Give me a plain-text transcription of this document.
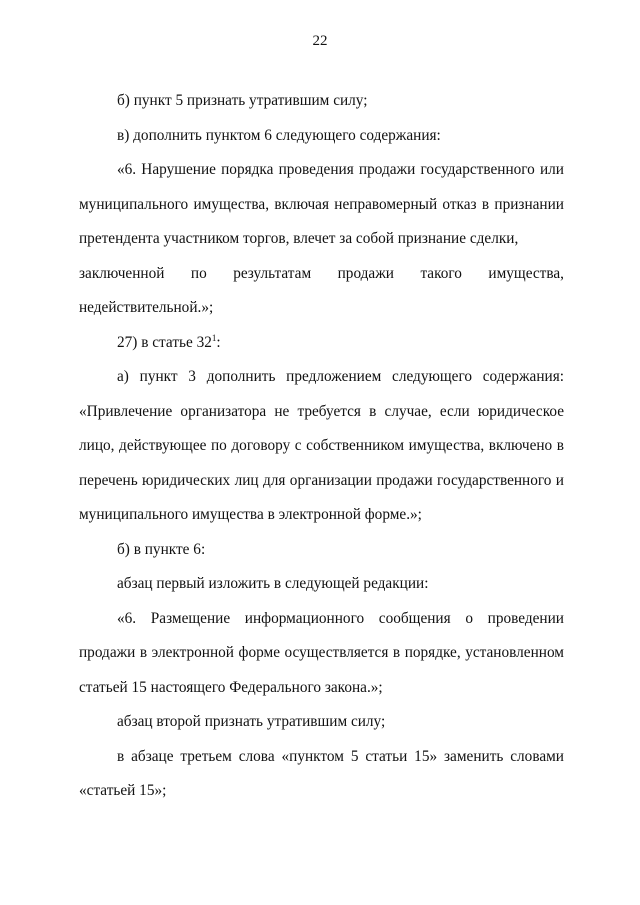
22

б) пункт 5 признать утратившим силу;

в) дополнить пунктом 6 следующего содержания:

«6. Нарушение порядка проведения продажи государственного или муниципального имущества, включая неправомерный отказ в признании претендента участником торгов, влечет за собой признание сделки,

заключенной по результатам продажи такого имущества,

недействительной.»;

27) в статье $32^1$:

а) пункт 3 дополнить предложением следующего содержания: «Привлечение организатора не требуется в случае, если юридическое лицо, действующее по договору с собственником имущества, включено в перечень юридических лиц для организации продажи государственного и муниципального имущества в электронной форме.»;

б) в пункте 6:

абзац первый изложить в следующей редакции:

«6. Размещение информационного сообщения о проведении продажи в электронной форме осуществляется в порядке, установленном статьей 15 настоящего Федерального закона.»;

абзац второй признать утратившим силу;

в абзаце третьем слова «пунктом 5 статьи 15» заменить словами «статьей 15»;
